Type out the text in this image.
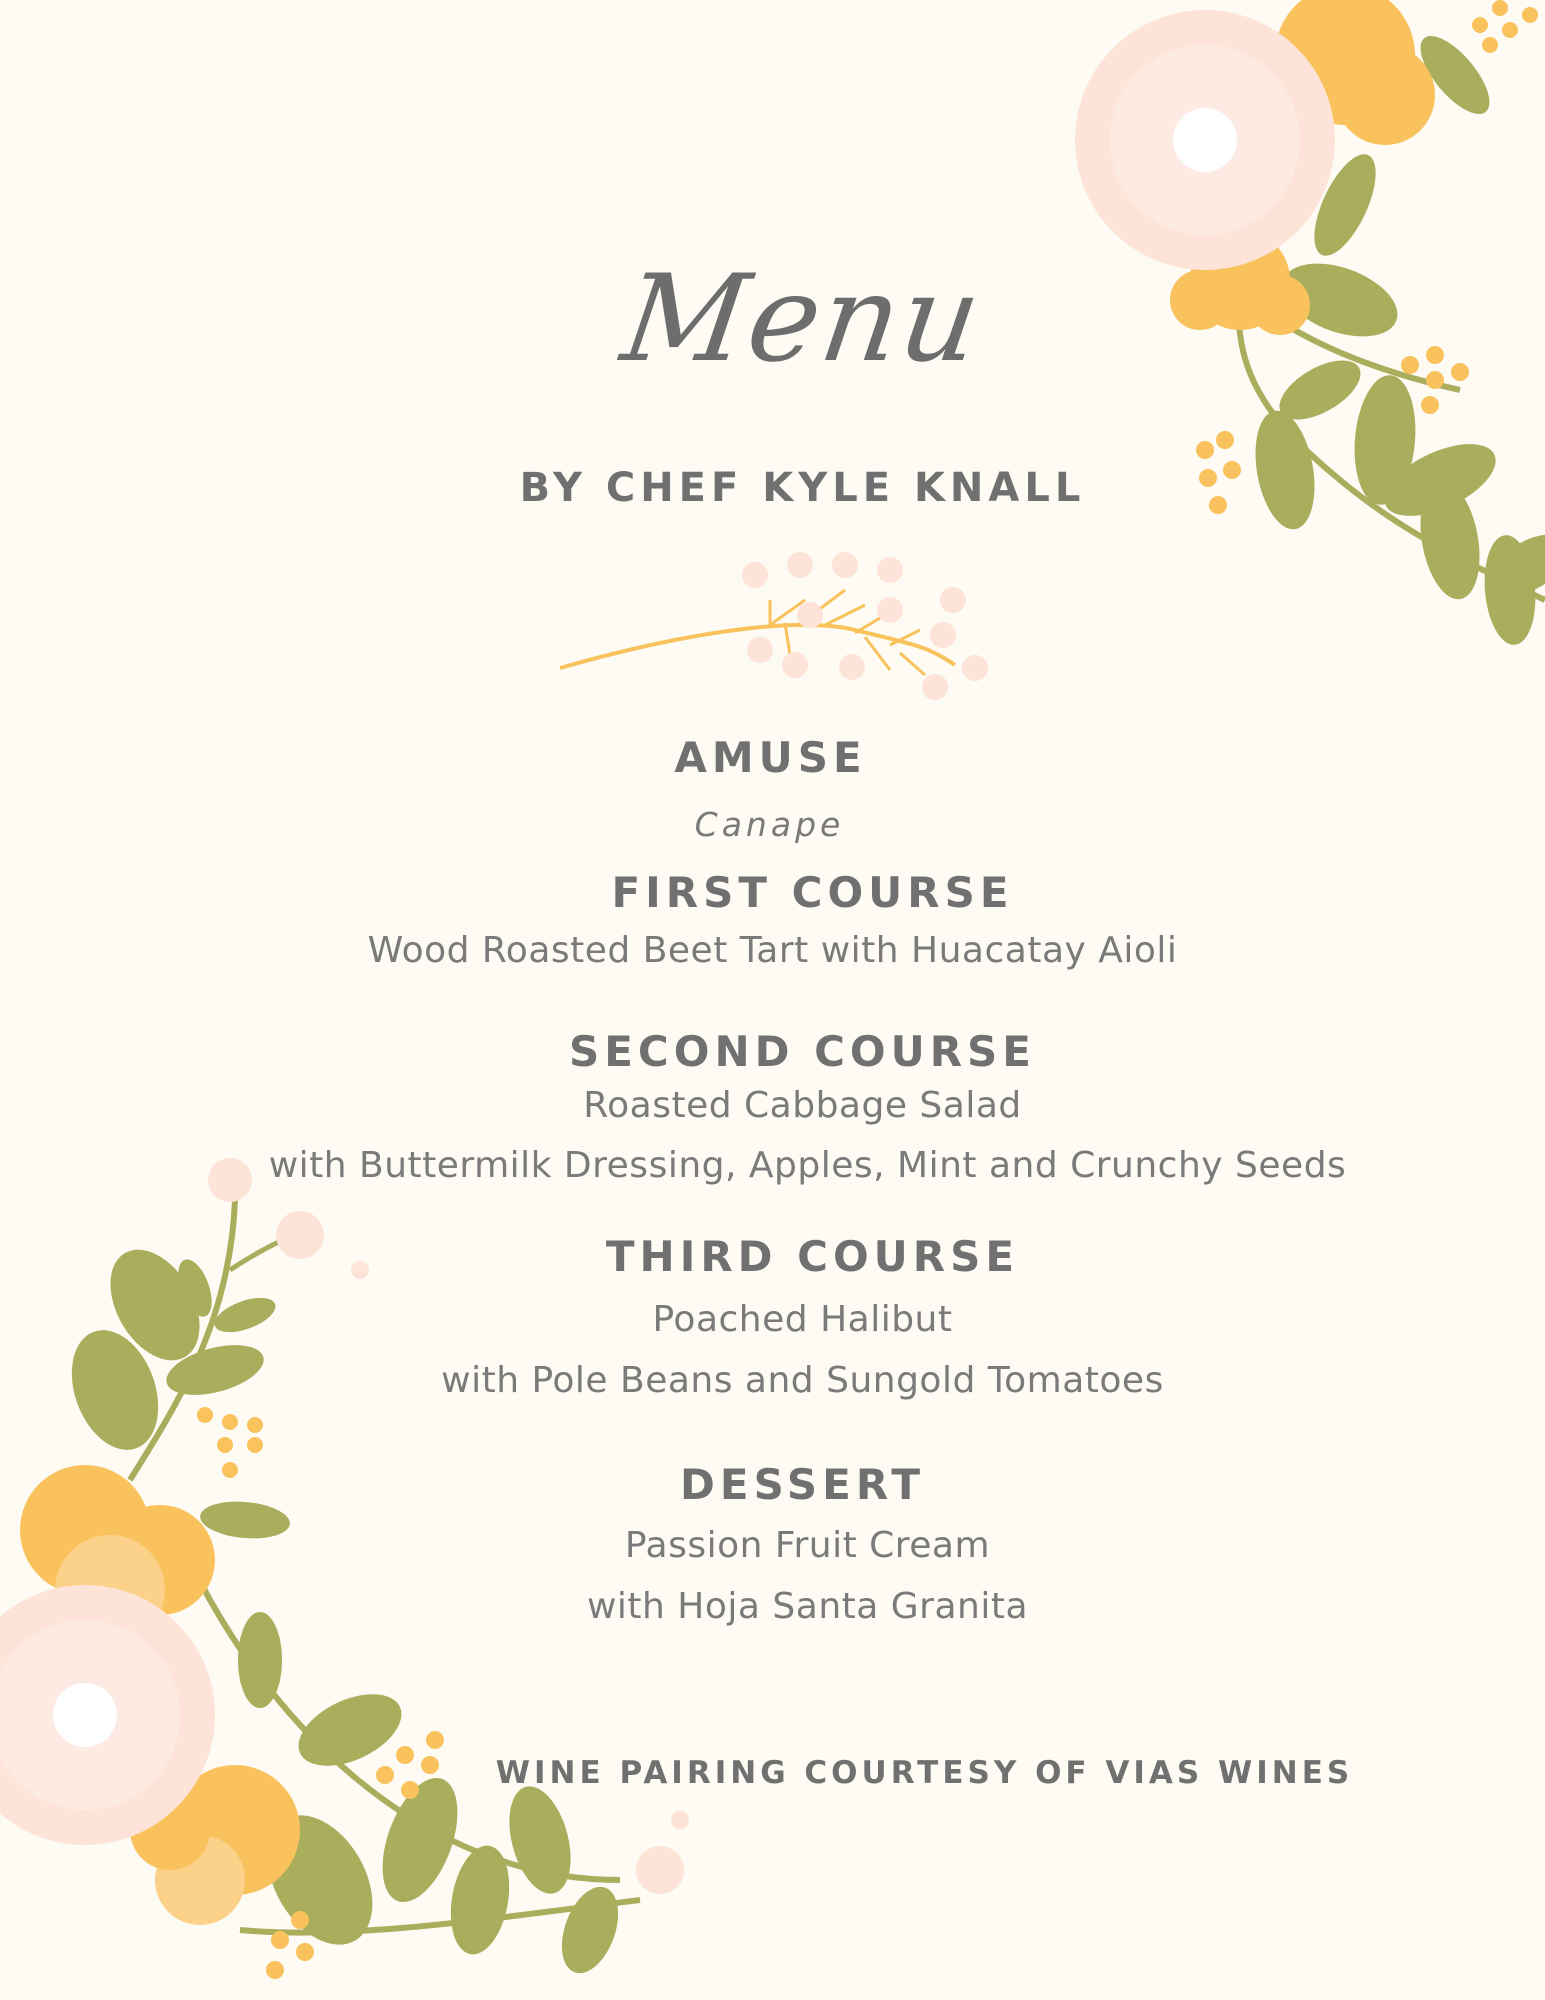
Menu
BY CHEF KYLE KNALL
AMUSE
Canape
FIRST COURSE
Wood Roasted Beet Tart with Huacatay Aioli
SECOND COURSE
Roasted Cabbage Salad
with Buttermilk Dressing, Apples, Mint and Crunchy Seeds
THIRD COURSE
Poached Halibut
with Pole Beans and Sungold Tomatoes
DESSERT
Passion Fruit Cream
with Hoja Santa Granita
WINE PAIRING COURTESY OF VIAS WINES
